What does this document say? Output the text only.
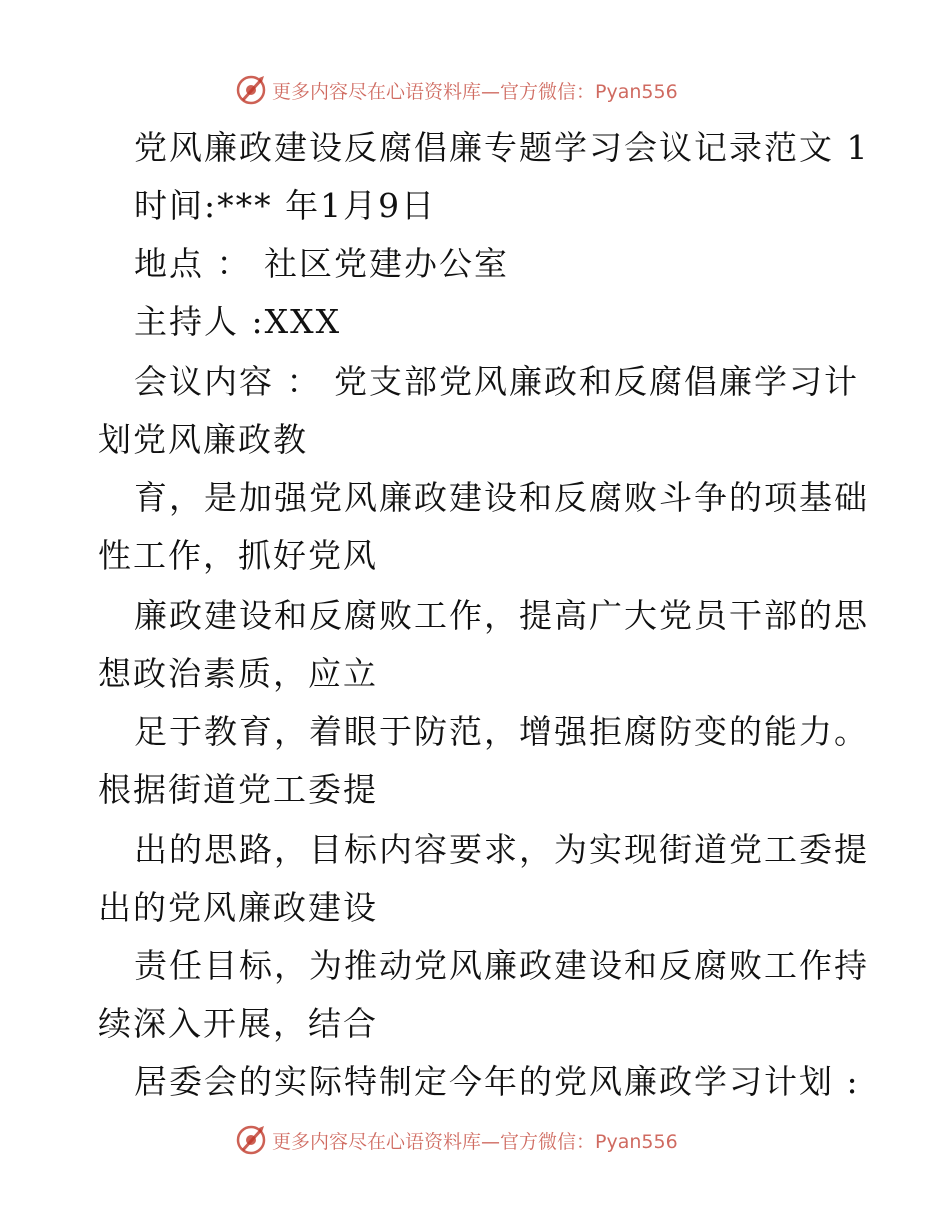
更多内容尽在心语资料库—官方微信：Pyan556
党风廉政建设反腐倡廉专题学习会议记录范文 1
时间:*** 年1月9日
地点 ： 社区党建办公室
主持人 :XXX
会议内容 ： 党支部党风廉政和反腐倡廉学习计
划党风廉政教
育，是加强党风廉政建设和反腐败斗争的项基础
性工作，抓好党风
廉政建设和反腐败工作，提高广大党员干部的思
想政治素质，应立
足于教育，着眼于防范，增强拒腐防变的能力。
根据街道党工委提
出的思路，目标内容要求，为实现街道党工委提
出的党风廉政建设
责任目标，为推动党风廉政建设和反腐败工作持
续深入开展，结合
居委会的实际特制定今年的党风廉政学习计划 :
更多内容尽在心语资料库—官方微信：Pyan556
